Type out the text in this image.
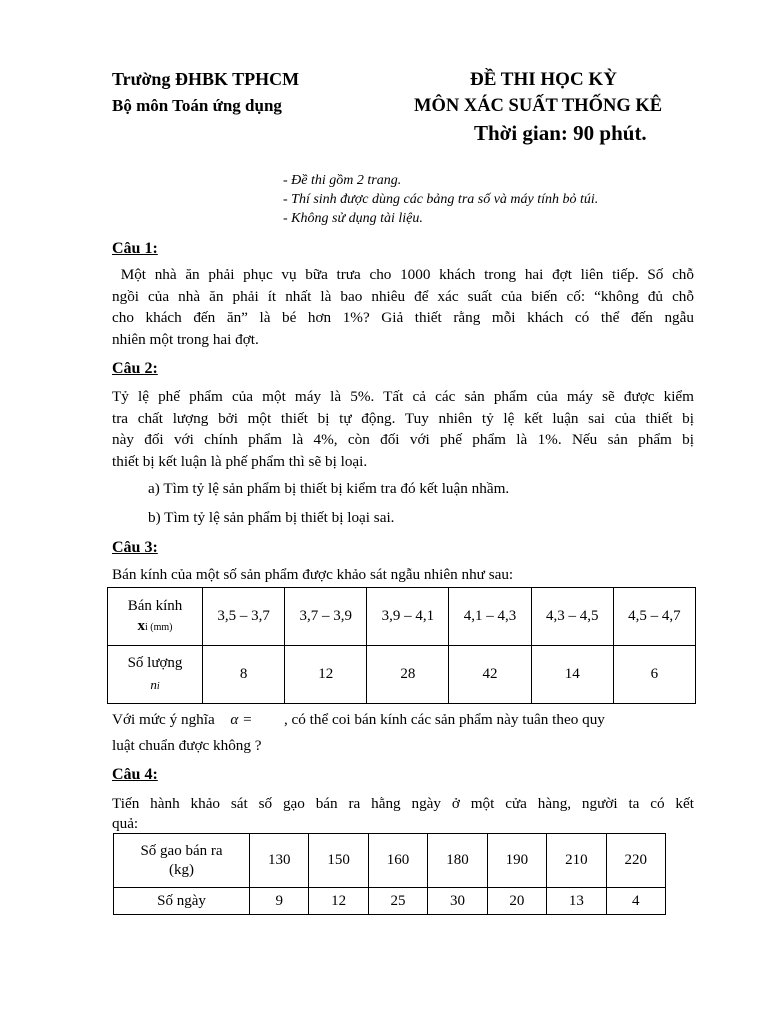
Trường ĐHBK TPHCM
Bộ môn Toán ứng dụng
ĐỀ THI HỌC KỲ
MÔN XÁC SUẤT THỐNG KÊ
Thời gian: 90 phút.
- Đề thi gồm 2 trang.
- Thí sinh được dùng các bảng tra số và máy tính bỏ túi.
- Không sử dụng tài liệu.
Câu 1:
Một nhà ăn phải phục vụ bữa trưa cho 1000 khách trong hai đợt liên tiếp. Số chỗ
ngồi của nhà ăn phải ít nhất là bao nhiêu để xác suất của biến cố: “không đủ chỗ
cho khách đến ăn” là bé hơn 1%? Giả thiết rằng mỗi khách có thể đến ngẫu
nhiên một trong hai đợt.
Câu 2:
Tỷ lệ phế phẩm của một máy là 5%. Tất cả các sản phẩm của máy sẽ được kiểm
tra chất lượng bởi một thiết bị tự động. Tuy nhiên tỷ lệ kết luận sai của thiết bị
này đối với chính phẩm là 4%, còn đối với phế phẩm là 1%. Nếu sản phẩm bị
thiết bị kết luận là phế phẩm thì sẽ bị loại.
a) Tìm tỷ lệ sản phẩm bị thiết bị kiểm tra đó kết luận nhầm.
b) Tìm tỷ lệ sản phẩm bị thiết bị loại sai.
Câu 3:
Bán kính của một số sản phẩm được khảo sát ngẫu nhiên như sau:
Bán kính
xi (mm)	3,5 – 3,7	3,7 – 3,9	3,9 – 4,1	4,1 – 4,3	4,3 – 4,5	4,5 – 4,7

Số lượng
ni	8	12	28	42	14	6
Với mức ý nghĩa α = , có thể coi bán kính các sản phẩm này tuân theo quy
luật chuẩn được không ?
Câu 4:
Tiến hành khảo sát số gạo bán ra hằng ngày ở một cửa hàng, người ta có kết
quả:
Số gao bán ra
(kg)	130	150	160	180	190	210	220
Số ngày	9	12	25	30	20	13	4
